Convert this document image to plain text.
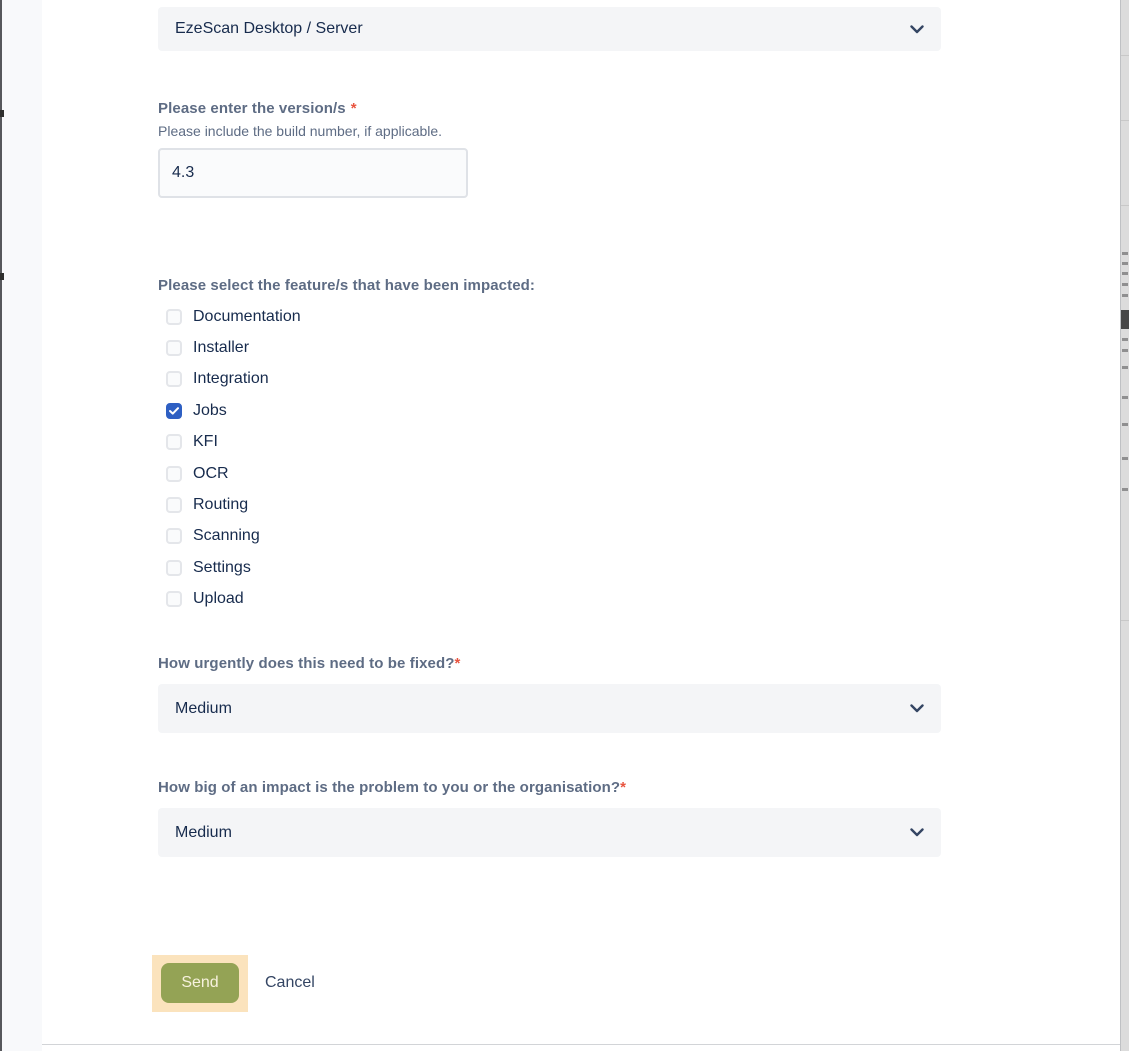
EzeScan Desktop / Server
Please enter the version/s *
Please include the build number, if applicable.
4.3
Please select the feature/s that have been impacted:
Documentation
Installer
Integration
Jobs
KFI
OCR
Routing
Scanning
Settings
Upload
How urgently does this need to be fixed?*
Medium
How big of an impact is the problem to you or the organisation?*
Medium
Send	Cancel
